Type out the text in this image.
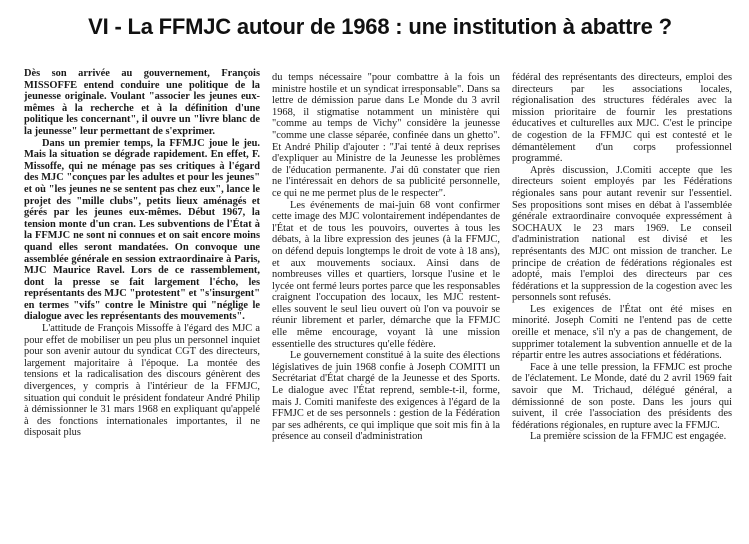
VI - La FFMJC autour de 1968 : une institution à abattre ?

Dès son arrivée au gouvernement, François MISSOFFE entend conduire une politique de la jeunesse originale. Voulant "associer les jeunes eux-mêmes à la recherche et à la définition d'une politique les concernant", il ouvre un "livre blanc de la jeunesse" leur permettant de s'exprimer.

Dans un premier temps, la FFMJC joue le jeu. Mais la situation se dégrade rapidement. En effet, F. Missoffe, qui ne ménage pas ses critiques à l'égard des MJC "conçues par les adultes et pour les jeunes" et où "les jeunes ne se sentent pas chez eux", lance le projet des "mille clubs", petits lieux aménagés et gérés par les jeunes eux-mêmes. Début 1967, la tension monte d'un cran. Les subventions de l'État à la FFMJC ne sont ni connues et on sait encore moins quand elles seront mandatées. On convoque une assemblée générale en session extraordinaire à Paris, MJC Maurice Ravel. Lors de ce rassemblement, dont la presse se fait largement l'écho, les représentants des MJC "protestent" et "s'insurgent" en termes "vifs" contre le Ministre qui "néglige le dialogue avec les représentants des mouvements".

L'attitude de François Missoffe à l'égard des MJC a pour effet de mobiliser un peu plus un personnel inquiet pour son avenir autour du syndicat CGT des directeurs, largement majoritaire à l'époque. La montée des tensions et la radicalisation des discours génèrent des divergences, y compris à l'intérieur de la FFMJC, situation qui conduit le président fondateur André Philip à démissionner le 31 mars 1968 en expliquant qu'appelé à des fonctions internationales importantes, il ne disposait plus

du temps nécessaire "pour combattre à la fois un ministre hostile et un syndicat irresponsable". Dans sa lettre de démission parue dans Le Monde du 3 avril 1968, il stigmatise notamment un ministère qui "comme au temps de Vichy" considère la jeunesse "comme une classe séparée, confinée dans un ghetto". Et André Philip d'ajouter : "J'ai tenté à deux reprises d'expliquer au Ministre de la Jeunesse les problèmes de l'éducation permanente. J'ai dû constater que rien ne l'intéressait en dehors de sa publicité personnelle, ce qui ne me permet plus de le respecter".

Les événements de mai-juin 68 vont confirmer cette image des MJC volontairement indépendantes de l'État et de tous les pouvoirs, ouvertes à tous les débats, à la libre expression des jeunes (à la FFMJC, on défend depuis longtemps le droit de vote à 18 ans), et aux mouvements sociaux. Ainsi dans de nombreuses villes et quartiers, lorsque l'usine et le lycée ont fermé leurs portes parce que les responsables craignent l'occupation des locaux, les MJC restent-elles souvent le seul lieu ouvert où l'on va pouvoir se réunir librement et parler, démarche que la FFMJC elle même encourage, voyant là une mission essentielle des structures qu'elle fédère.

Le gouvernement constitué à la suite des élections législatives de juin 1968 confie à Joseph COMITI un Secrétariat d'État chargé de la Jeunesse et des Sports. Le dialogue avec l'État reprend, semble-t-il, forme, mais J. Comiti manifeste des exigences à l'égard de la FFMJC et de ses personnels : gestion de la Fédération par ses adhérents, ce qui implique que soit mis fin à la présence au conseil d'administration

fédéral des représentants des directeurs, emploi des directeurs par les associations locales, régionalisation des structures fédérales avec la mission prioritaire de fournir les prestations éducatives et culturelles aux MJC. C'est le principe de cogestion de la FFMJC qui est contesté et le démantèlement d'un corps professionnel programmé.

Après discussion, J.Comiti accepte que les directeurs soient employés par les Fédérations régionales sans pour autant revenir sur l'essentiel. Ses propositions sont mises en débat à l'assemblée générale extraordinaire convoquée expressément à SOCHAUX le 23 mars 1969. Le conseil d'administration national est divisé et les représentants des MJC ont mission de trancher. Le principe de création de fédérations régionales est adopté, mais l'emploi des directeurs par ces fédérations et la suppression de la cogestion avec les personnels sont refusés.

Les exigences de l'État ont été mises en minorité. Joseph Comiti ne l'entend pas de cette oreille et menace, s'il n'y a pas de changement, de supprimer totalement la subvention annuelle et de la répartir entre les autres associations et fédérations.

Face à une telle pression, la FFMJC est proche de l'éclatement. Le Monde, daté du 2 avril 1969 fait savoir que M. Trichaud, délégué général, a démissionné de son poste. Dans les jours qui suivent, il crée l'association des présidents des fédérations régionales, en rupture avec la FFMJC.

La première scission de la FFMJC est engagée.
